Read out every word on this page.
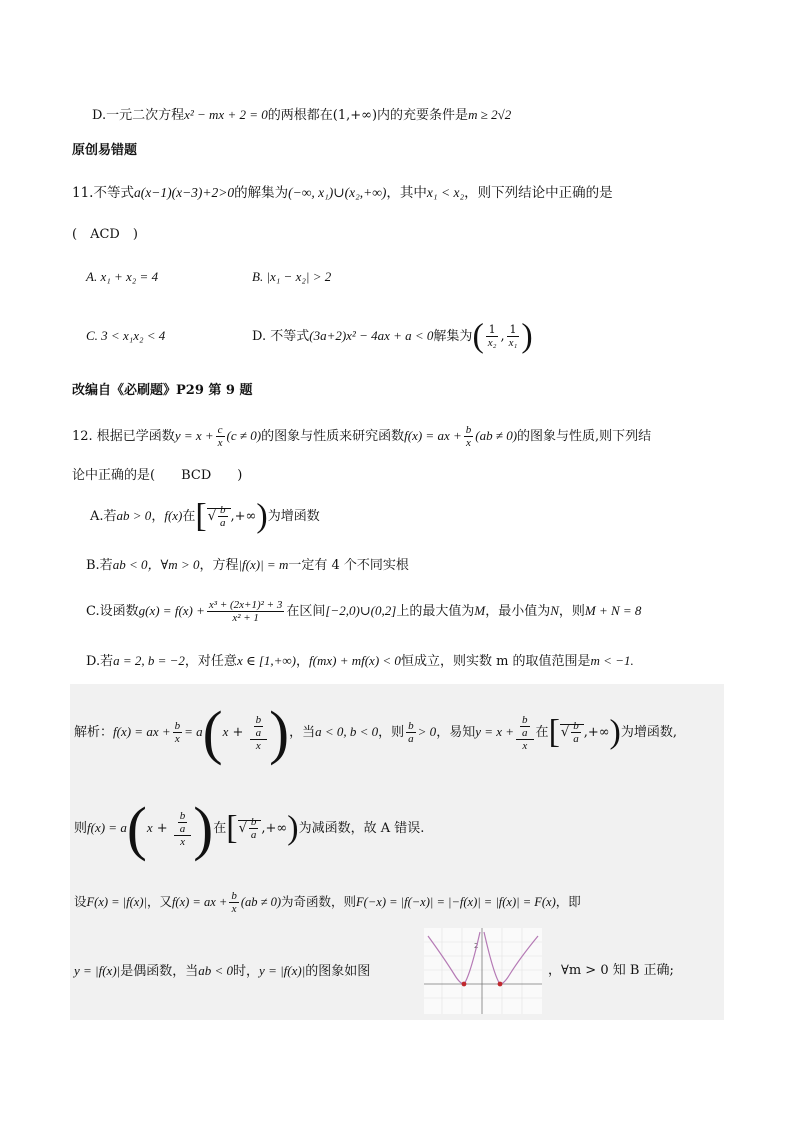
D.一元二次方程x² − mx + 2 = 0的两根都在(1,+∞)内的充要条件是m ≥ 2√2
原创易错题
11.不等式a(x−1)(x−3)+2>0的解集为(−∞, x₁)∪(x₂,+∞)，其中x₁ < x₂，则下列结论中正确的是
(　ACD　)
A. x₁ + x₂ = 4	B. |x₁ − x₂| > 2
C. 3 < x₁x₂ < 4	D. 不等式(3a+2)x² − 4ax + a < 0解集为( $\frac{1}{\text{x₂}}$ , $\frac{1}{\text{x₁}}$ )
改编自《必刷题》P29 第 9 题
12. 根据已学函数$y = x + \frac{c}{x} (c \ne 0)$的图象与性质来研究函数f(x) = ax + $\frac{b}{x} (ab \ne 0)$的图象与性质,则下列结
论中正确的是(　　BCD　　)
A.若ab > 0，f(x)在[√ $\frac{b}{a}$ ,+∞)为增函数
B.若ab < 0，∀m > 0，方程|f(x)| = m一定有 4 个不同实根
C.设函数$g(x) = f(x) + \frac{\text{x³ + (2x+1)² + 3}}{\text{x² + 1}}$ 在区间[−2,0)∪(0,2]上的最大值为M，最小值为N，则M + N = 8
D.若a = 2, b = −2，对任意x ∈ [1,+∞)，f(mx) + mf(x) < 0恒成立，则实数 m 的取值范围是m < −1.
解析：f(x) = ax + $\frac{b}{x} = a(x + \frac{\frac{b}{a}}{x}$ )，当a < 0, b < 0，则 $\frac{b}{a} > 0$，易知$y = x + \frac{\frac{b}{a}}{x}$ 在[√ $\frac{b}{a}$ ,+∞)为增函数,
则$f(x) = a(x + \frac{\frac{b}{a}}{x}$ )在[√ $\frac{b}{a}$ ,+∞)为减函数，故 A 错误.
设F(x) = |f(x)|，又f(x) = ax + $\frac{b}{x} (ab \ne 0)$为奇函数，则F(−x) = |f(−x)| = |−f(x)| = |f(x)| = F(x)，即
y = |f(x)|是偶函数，当ab < 0时，y = |f(x)|的图象如图
2
，∀m > 0 知 B 正确;
